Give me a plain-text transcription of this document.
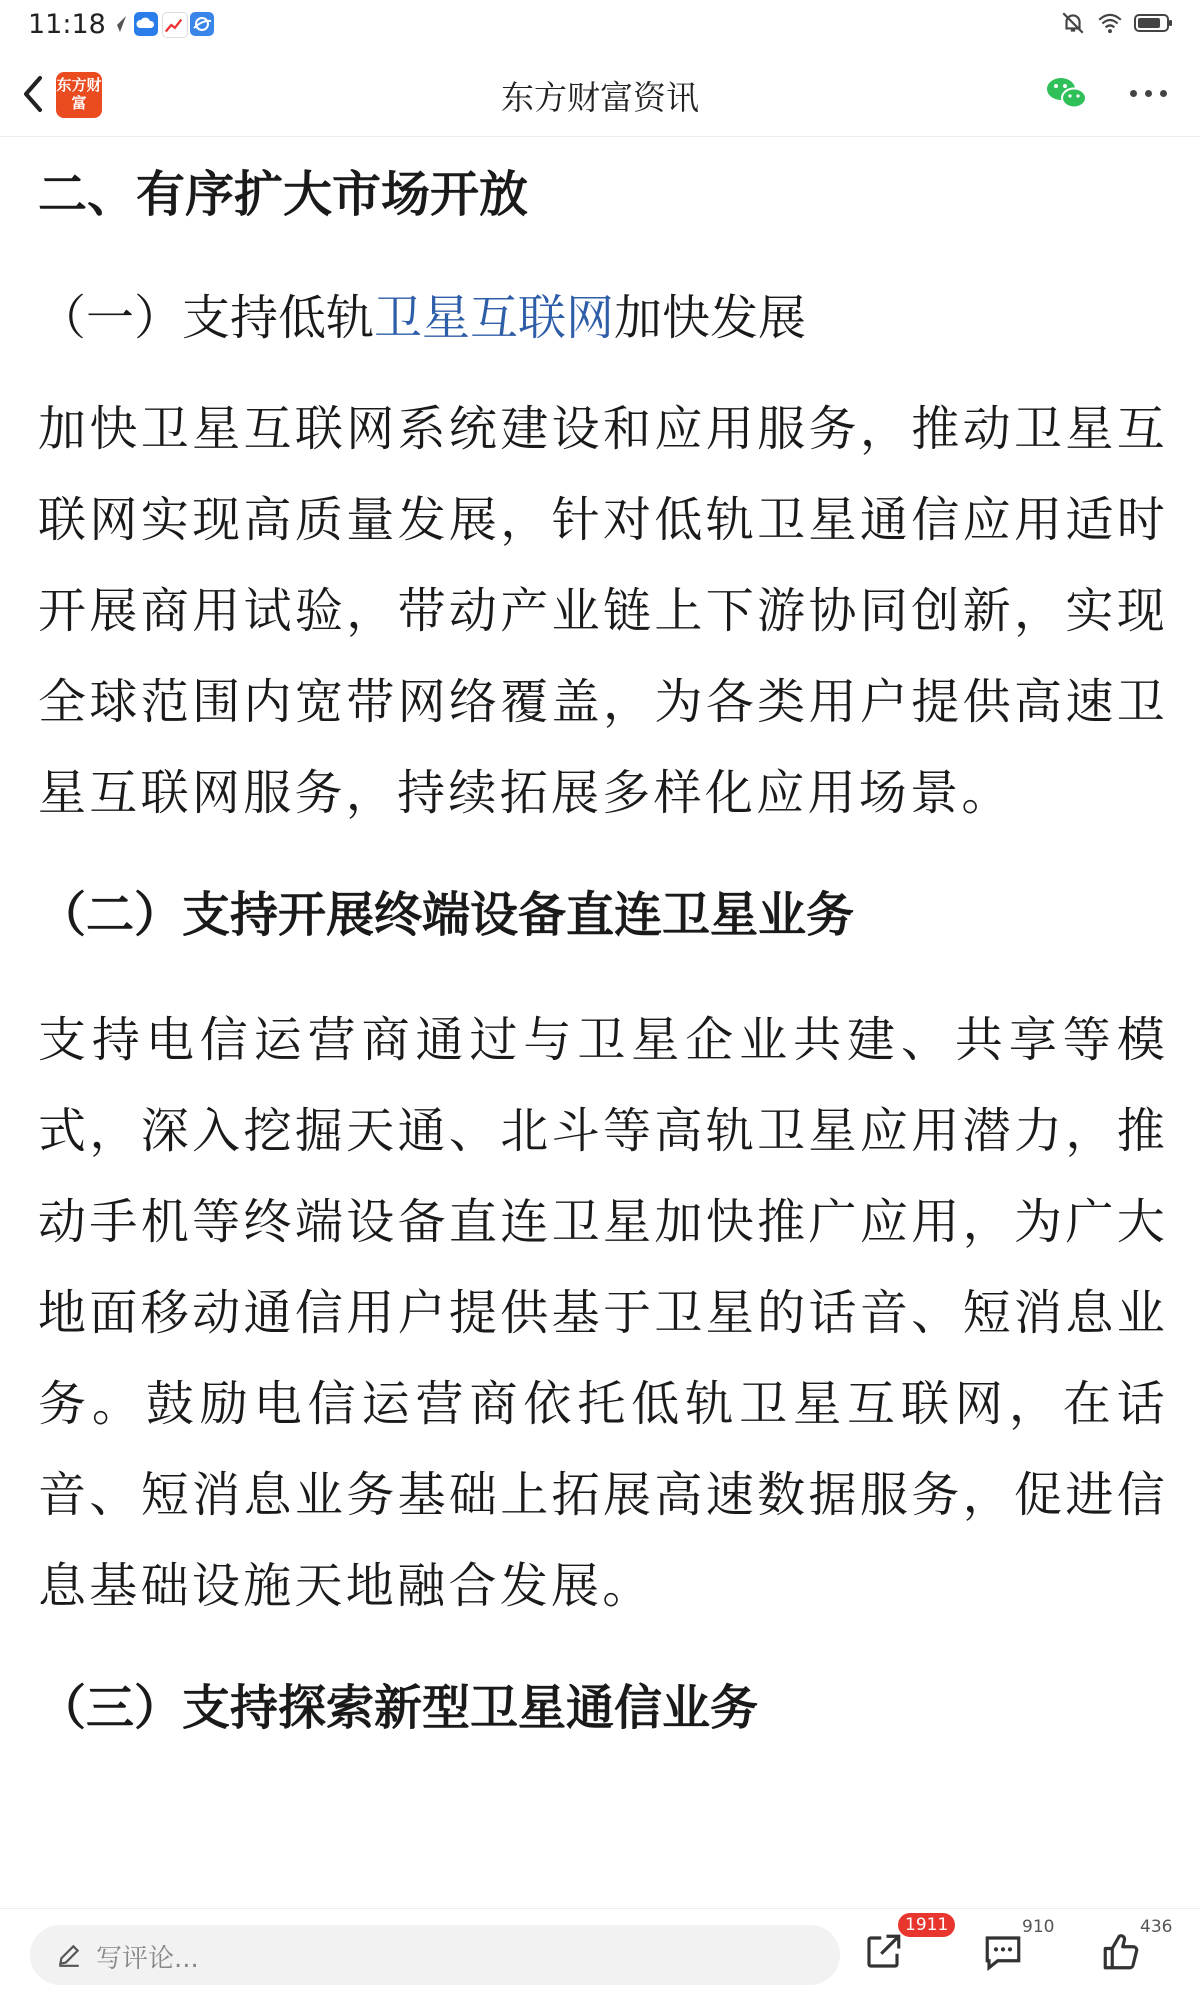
11:18
东方财富	东方财富资讯
二、有序扩大市场开放
（一）支持低轨卫星互联网加快发展
加快卫星互联网系统建设和应用服务，推动卫星互联网实现高质量发展，针对低轨卫星通信应用适时开展商用试验，带动产业链上下游协同创新，实现全球范围内宽带网络覆盖，为各类用户提供高速卫星互联网服务，持续拓展多样化应用场景。
（二）支持开展终端设备直连卫星业务
支持电信运营商通过与卫星企业共建、共享等模式，深入挖掘天通、北斗等高轨卫星应用潜力，推动手机等终端设备直连卫星加快推广应用，为广大地面移动通信用户提供基于卫星的话音、短消息业务。鼓励电信运营商依托低轨卫星互联网，在话音、短消息业务基础上拓展高速数据服务，促进信息基础设施天地融合发展。
（三）支持探索新型卫星通信业务
写评论...
1911	910	436
